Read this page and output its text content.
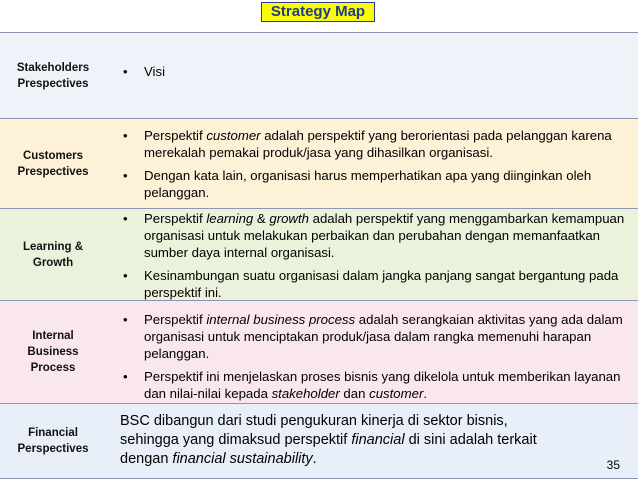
Strategy Map
Stakeholders
Prespectives

• Visi

Customers
Prespectives

• Perspektif customer adalah perspektif yang berorientasi pada pelanggan karena merekalah pemakai produk/jasa yang dihasilkan organisasi.

• Dengan kata lain, organisasi harus memperhatikan apa yang diinginkan oleh pelanggan.

Learning &
Growth

• Perspektif learning & growth adalah perspektif yang menggambarkan kemampuan organisasi untuk melakukan perbaikan dan perubahan dengan memanfaatkan sumber daya internal organisasi.

• Kesinambungan suatu organisasi dalam jangka panjang sangat bergantung pada perspektif ini.

Internal
Business
Process

• Perspektif internal business process adalah serangkaian aktivitas yang ada dalam organisasi untuk menciptakan produk/jasa dalam rangka memenuhi harapan pelanggan.

• Perspektif ini menjelaskan proses bisnis yang dikelola untuk memberikan layanan dan nilai-nilai kepada stakeholder dan customer.

Financial
Perspectives

BSC dibangun dari studi pengukuran kinerja di sektor bisnis, sehingga yang dimaksud perspektif financial di sini adalah terkait dengan financial sustainability.	35
